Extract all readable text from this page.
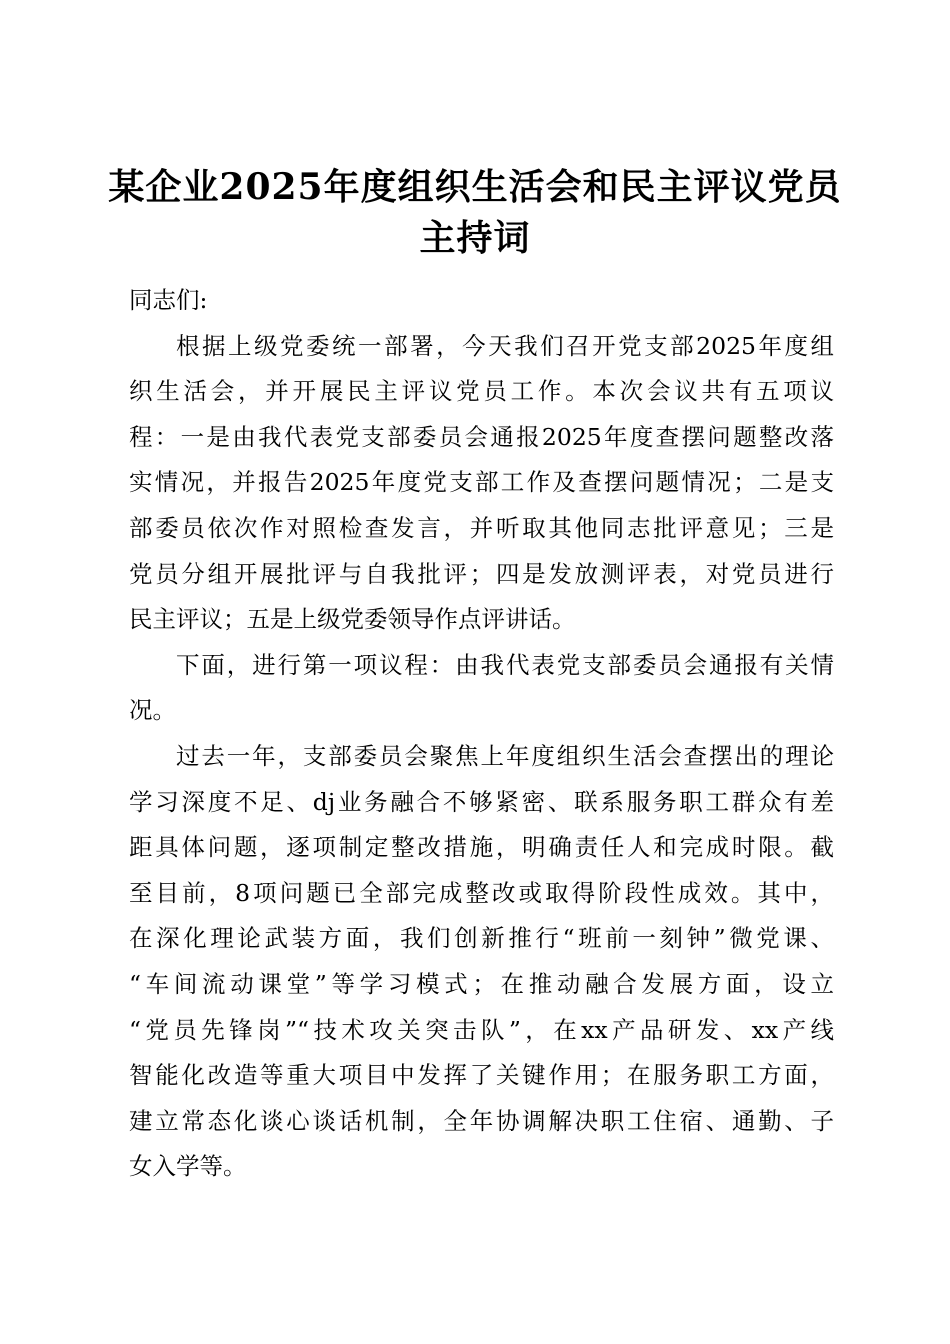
某企业2025年度组织生活会和民主评议党员
主持词
同志们:
根据上级党委统一部署，今天我们召开党支部2025年度组
织生活会，并开展民主评议党员工作。本次会议共有五项议
程：一是由我代表党支部委员会通报2025年度查摆问题整改落
实情况，并报告2025年度党支部工作及查摆问题情况；二是支
部委员依次作对照检查发言，并听取其他同志批评意见；三是
党员分组开展批评与自我批评；四是发放测评表，对党员进行
民主评议；五是上级党委领导作点评讲话。
下面，进行第一项议程：由我代表党支部委员会通报有关情
况。
过去一年，支部委员会聚焦上年度组织生活会查摆出的理论
学习深度不足、dj业务融合不够紧密、联系服务职工群众有差
距具体问题，逐项制定整改措施，明确责任人和完成时限。截
至目前，8项问题已全部完成整改或取得阶段性成效。其中，
在深化理论武装方面，我们创新推行“班前一刻钟”微党课、
“车间流动课堂”等学习模式；在推动融合发展方面，设立
“党员先锋岗”“技术攻关突击队”，在xx产品研发、xx产线
智能化改造等重大项目中发挥了关键作用；在服务职工方面，
建立常态化谈心谈话机制，全年协调解决职工住宿、通勤、子
女入学等。
